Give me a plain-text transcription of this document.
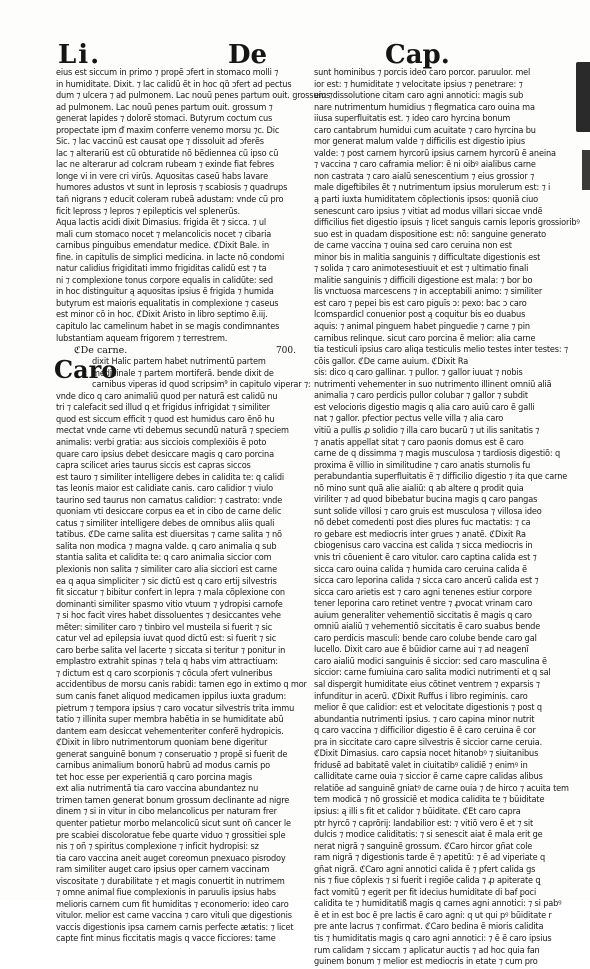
Li.	De	Cap.
eius est siccum in primo ⁊ propẽ ɔfert in stomaco molli ⁊
in humiditate. Dixit. ⁊ lac calidũ ẽt in hoc qɑ̃ ɔfert ad pectus
dum ⁊ ulcera ⁊ ad pulmonem. Lac nouũ penes partum ouit. grossum ⁊
ad pulmonem. Lac nouũ penes partum ouit. grossum ⁊
generat lapides ⁊ dolorẽ stomaci. Butyrum coctum cus
propectate ipm ᵭ maxim conferre venemo morsu ⁊c. Dic
Sic. ⁊ lac vaccinũ est causat ope ⁊ dissoluit ad ɔferẽs
lac ⁊ alterariũ est cũ obturatide nõ bẽdiennea cũ ipso cũ
lac ne alterarur ad colcram rubeam ⁊ exinde fiat febres
longe vi in vere cri virũs. Aquositas caseũ habs lavare
humores adustos vt sunt in leprosis ⁊ scabiosis ⁊ quadrups
tan̄ nigrans ⁊ educit coleram rubeã adustam: vnde cũ pro
ficit lepross ⁊ lepros ⁊ epilepticis vel splenerũs.
Aqua lactis acidi dixit Dimasius. frigida ẽt ⁊ sicca. ⁊ ul
mali cum stomaco nocet ⁊ melancolicis nocet ⁊ cibaria
carnibus pinguibus emendatur medice. ℭDixit Bale. in
fine. in capitulis de simplici medicina. in lacte nõ condomi
natur calidius frigiditati immo frigiditas calidũ est ⁊ ta
ni ⁊ complexione tonus corpore equalis in calidũte: sed
in hoc distinguitur ą aquositas ipsius ẽ frigida ⁊ humida
butyrum est maioris equalitatis in complexione ⁊ caseus
est minor cõ in hoc. ℭDixit Aristo in libro septimo ẽ.iij.
capitulo lac camelinum habet in se magis condimnantes
lubstantiam aqueam frigorem ⁊ terrestrem.
ℭDe carne.	700.
Caro
dixit Halic partem habet nutrimentũ partem
medicinale ⁊ partem mortiferã. bende dixit de
carnibus viperas id quod scripsim⁹ in capitulo viperar ⁊:
vnde dico q caro animaliũ quod per naturã est calidũ nu
tri ⁊ calefacit sed illud q et frigidus infrigidat ⁊ similiter
quod est siccum efficit ⁊ quod est humidus caro ẽnõ hu
mectat vnde carne vti debemus secundũ naturã ⁊ speciem
animalis: verbi gratia: aus sicciois complexiõis ẽ poto
quare caro ipsius debet desiccare magis q caro porcina
capra scilicet aries taurus siccis est capras siccos
est tauro ⁊ similiter intelligere debes in calidita te: q calidi
tas leonis maior est calidiate canis. caro calidior ⁊ viulo
taurino sed taurus non carnatus calidior: ⁊ castrato: vnde
quoniam vti desiccare corpus ea et in cibo de carne delic
catus ⁊ similiter intelligere debes de omnibus aliis quali
tatibus. ℭDe carne salita est diuersitas ⁊ carne salita ⁊ nõ
salita non modica ⁊ magna valde. q caro animalia q sub
stantia salita et calidita te: q caro animalia siccior com
plexionis non salita ⁊ similiter caro alia sicciori est carne
ea q aqua simpliciter ⁊ sic dictũ est q caro ertij silvestris
fit siccatur ⁊ bibitur confert in lepra ⁊ mala cõplexione con
dominanti similiter spasmo vitio vtuum ⁊ ydropisi carnofe
⁊ si hoc facit vires habet dissoluentes ⁊ desiccantes vehe
mẽter: similiter caro ⁊ tinbiro vel musteila si fuerit ⁊ sic
catur vel ad epilepsia iuvat quod dictũ est: si fuerit ⁊ sic
caro berbe salita vel lacerte ⁊ siccata si teritur ⁊ ponitur in
emplastro extrahit spinas ⁊ tela q habs vim attractiuam:
⁊ dictum est q caro scorpionis ⁊ cõcula ɔfert vulneribus
accidentibus de morsu canis rabidi: tamen ego in extimo q mor
sum canis fanet aliquod medicamen ippilus iuxta gradum:
pietrum ⁊ tempora ipsius ⁊ caro vocatur silvestris trita immu
tatio ⁊ illinita super membra habẽtia in se humiditate abũ
dantem eam desiccat vehementeriter conferẽ hydropicis.
ℭDixit in libro nutrimentorum quoniam bene digeritur
generat sanguinẽ bonum ⁊ conseruatio ⁊ propẽ si fuerit de
carnibus animalium bonorũ habrũ ad modus carnis po
tet hoc esse per experientiã q caro porcina magis
ext alia nutrimentã tia caro vaccina abundantez nu
trimen tamen generat bonum grossum declinante ad nigre
dinem ⁊ si in vitur in cibo melancolicus per naturam frer
quenter patietur morbo melancolicũ sicut sunt oñ cancer le
pre scabiei discoloratue febe quarte viduo ⁊ grossitiei sple
nis ⁊ oñ ⁊ spiritus complexione ⁊ inficit hydropisi: sz
tia caro vaccina aneit auget coreomun pnexuaco pisrodoy
ram similiter auget caro ipsius oper carnem vaccinam
viscositate ⁊ durabilitate ⁊ et magis conuertit in nutrimem
⁊ omne animal fiue complexionis in paruulis ipsius habs
melioris carnem cum fit humiditas ⁊ economerio: ideo caro
vitulor. melior est carne vaccina ⁊ caro vituli que digestionis
vaccis digestionis ipsa carnem carnis perfecte ætatis: ⁊ licet
capte fint minus ficcitatis magis q vacce ficciores: tame
sunt hominibus ⁊ porcis ideo caro porcor. paruulor. mel
ior est: ⁊ humiditate ⁊ velocitate ipsius ⁊ penetrare: ⁊
eius dissolutione citam caro agni annotici: magis sub
nare nutrimentum humidius ⁊ flegmatica caro ouina ma
iiusa superfluitatis est. ⁊ ideo caro hyrcina bonum
caro cantabrum humidui cum acuitate ⁊ caro hyrcina bu
mor generat malum valde ⁊ difficilis est digestio ipius
valde: ⁊ post carnem hyrcorũ ipsius carnem hyrcorũ ẽ aneina
⁊ vaccina ⁊ caro caframia melior: ẽ ni oibꝰ aialibus carne
non castrata ⁊ caro aialũ senescentium ⁊ eius grossior ⁊
male digeftibiles ẽt ⁊ nutrimentum ipsius morulerum est: ⁊ i
ą parti iuxta humiditatem cõplectionis ipsos: quoniã ciuo
senescunt caro ipsius ⁊ vitiat ad modus villari siccae vndẽ
difficilius fiet digestio ipsuis ⁊ licet sanguis carnis leporis grossioribꝰ
suo est in quadam dispositione est: nõ: sanguine generato
de carne vaccina ⁊ ouina sed caro ceruina non est
minor bis in malitia sanguinis ⁊ difficultate digestionis est
⁊ solida ⁊ caro animotesestiuuit et est ⁊ ultimatio finali
malitie sanguinis ⁊ difficili digestione est mala: ⁊ bor bo
lis vnctuosa marcescens ⁊ in acceptabili animo: ⁊ similiter
est caro ⁊ pepei bis est caro piguĩs ɔ: pexo: bac ɔ caro
lcomspardicl conuenior post ą coquitur bis eo duabus
aquis: ⁊ animal pinguem habet pinguedie ⁊ carne ⁊ pin
carnibus relinque. sicut caro porcina ẽ melior: alia carne
tia testiculi ipsius caro aliqa testiculis melio testes inter testes: ⁊
cõis gallor. ℭDe carne auium. ℭDixit Ra
sis: dico q caro gallinar. ⁊ pullor. ⁊ gallor iuuat ⁊ nobis
nutrimenti vehementer in suo nutrimento illinent omniũ aliã
animalia ⁊ caro perdicis pullor colubar ⁊ gallor ⁊ subdit
est velocioris digestio magis q alia caro auiũ caro ẽ galli
nat ⁊ gallor. pfectior pectus velle villa ⁊ alia caro
vitiũ a pullis ꝓ solidio ⁊ illa caro bucarũ ⁊ ut ilis sanitatis ⁊
⁊ anatis appellat sitat ⁊ caro paonis domus est ẽ caro
carne de q dissimma ⁊ magis musculosa ⁊ tardiosis digestiõ: q
proxima ẽ villio in similitudine ⁊ caro anatis sturnolis fu
perabundantia superfluitatis ẽ ⁊ difficilio digestio ⁊ ita que carne
nõ mino sunt quã alie aialiũ: q ab altere q prodit quia
viriliter ⁊ ad quod bibebatur bucina magis q caro pangas
sunt solide villosi ⁊ caro gruis est musculosa ⁊ villosa ideo
nõ debet comedenti post dies plures fuc mactatis: ⁊ ca
ro gebare est mediocris inter grues ⁊ anatẽ. ℭDixit Ra
cbiogenisus caro vaccina est calida ⁊ sicca mediocris in
vnis tri cõuenient ẽ caro vitulor. caro captina calida est ⁊
sicca caro ouina calida ⁊ humida caro ceruina calida ẽ
sicca caro leporina calida ⁊ sicca caro ancerũ calida est ⁊
sicca caro arietis est ⁊ caro agni tenenes estiur corpore
tener leporina caro retinet ventre ⁊ ꝓvocat vrinam caro
auium generaliter vehementiõ siccitatis ẽ magis q caro
omniũ aialiũ ⁊ vehementiõ siccitatis ẽ caro suabus bende
caro perdicis masculi: bende caro colube bende caro gal
lucello. Dixit caro aue ẽ bũidior carne aui ⁊ ad neagenĩ
caro aialiũ modici sanguinis ẽ siccior: sed caro masculina ẽ
siccior: carne fumiuina caro salita modici nutrimenti et q sal
sal dispergit humiditate eius cõtinet ventrem ⁊ exparsis ⁊
infunditur in acerũ. ℭDixit Ruffus i libro regiminis. caro
melior ẽ que calidior: est et velocitate digestionis ⁊ post q
abundantia nutrimenti ipsius. ⁊ caro capina minor nutrit
q caro vaccina ⁊ difficilior digestio ẽ ẽ caro ceruina ẽ cor
pra in siccitate caro capre silvestris ẽ siccior carne ceruia.
ℭDixit Dimasius. caro capsia nocet hitanobꝰ ⁊ siuitanibus
fridusẽ ad babitatẽ valet in ciuitatibꝰ calidiẽ ⁊ enimꝰ in
calliditate carne ouia ⁊ siccior ẽ carne capre calidas alibus
relatiõe ad sanguinẽ gniatꝰ de carne ouia ⁊ de hirco ⁊ acuita tem
tem modicã ⁊ nõ grossiciẽ et modica calidita te ⁊ būiditate
ipsius: ą illi s fit et calidor ⁊ būiditate. ℭEt caro capra
ptr hyrcõ ⁊ caprõrij: landabilior est: ⁊ vitiõ vero ẽ et ⁊ sit
dulcis ⁊ modice caliditatis: ⁊ si senescit aiat ẽ mala erit ge
nerat nigrã ⁊ sanguinẽ grossum. ℭCaro hircor gñat cole
ram nigrã ⁊ digestionis tarde ẽ ⁊ apetitũ: ⁊ ẽ ad viperiate q
gñat nigrã. ℭCaro agni annotici calida ẽ ⁊ pfert calida gs
nis ⁊ fiue cõplexis ⁊ si fuerit i regiõe calida ⁊ ꝓ apiterate ꝗ
fact vomitũ ⁊ egerit per fit idecius humiditate di baf ꝑoci
calidita te ⁊ humiditatiß magis q carnes agni annotici: ⁊ si pabꝰ
ẽ et in est boc ẽ pre lactis ẽ caro agni: q ut qui pꝰ bũiditate r
pre ante lacrus ⁊ confirmat. ℭCaro bedina ẽ mioris calidita
tis ⁊ humiditatis magis q caro agni annotici: ⁊ ẽ ẽ caro ipsius
rum calidam ⁊ siccam ⁊ aplicatur auctis ⁊ ad hoc quia fan
guinem bonum ⁊ melior est mediocris in etate ⁊ cum pro
